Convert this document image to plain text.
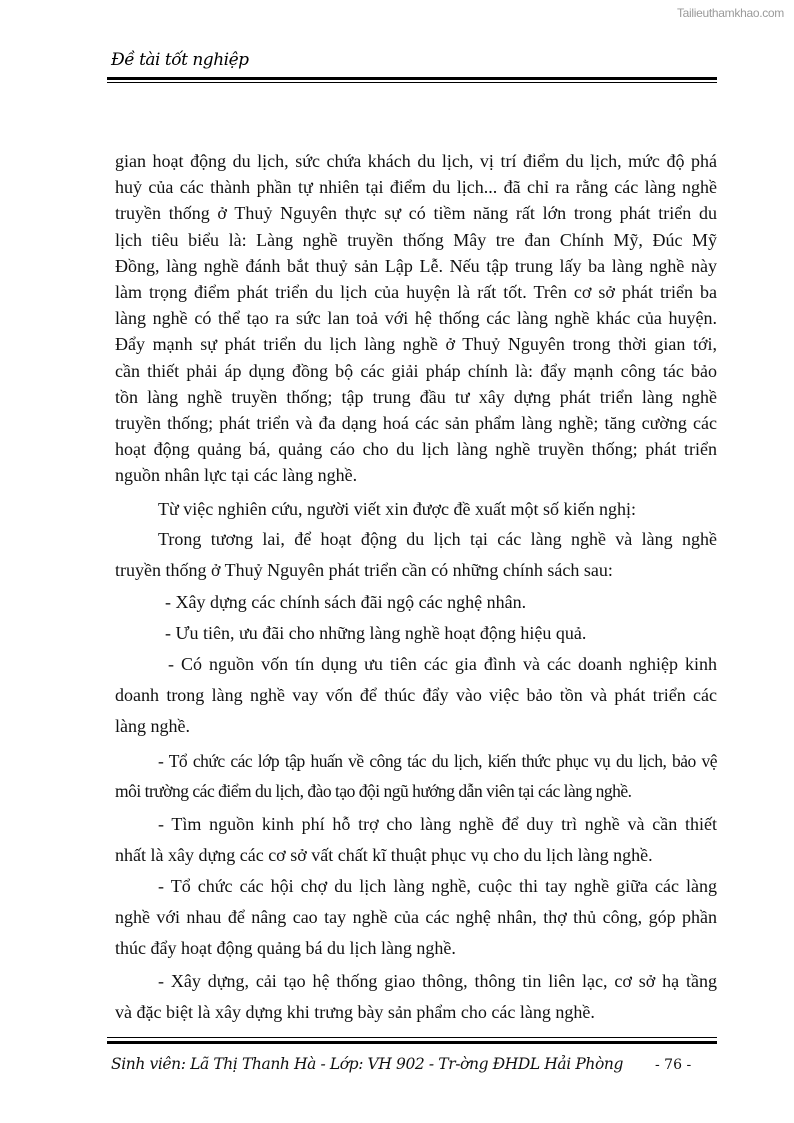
Tailieuthamkhao.com
Đề tài tốt nghiệp
gian hoạt động du lịch, sức chứa khách du lịch, vị trí điểm du lịch, mức độ phá
huỷ của các thành phần tự nhiên tại điểm du lịch... đã chỉ ra rằng các làng nghề
truyền thống ở Thuỷ Nguyên thực sự có tiềm năng rất lớn trong phát triển du
lịch tiêu biểu là: Làng nghề truyền thống Mây tre đan Chính Mỹ, Đúc Mỹ
Đồng, làng nghề đánh bắt thuỷ sản Lập Lễ. Nếu tập trung lấy ba làng nghề này
làm trọng điểm phát triển du lịch của huyện là rất tốt. Trên cơ sở phát triển ba
làng nghề có thể tạo ra sức lan toả với hệ thống các làng nghề khác của huyện.
Đẩy mạnh sự phát triển du lịch làng nghề ở Thuỷ Nguyên trong thời gian tới,
cần thiết phải áp dụng đồng bộ các giải pháp chính là: đẩy mạnh công tác bảo
tồn làng nghề truyền thống; tập trung đầu tư xây dựng phát triển làng nghề
truyền thống; phát triển và đa dạng hoá các sản phẩm làng nghề; tăng cường các
hoạt động quảng bá, quảng cáo cho du lịch làng nghề truyền thống; phát triển
nguồn nhân lực tại các làng nghề.
Từ việc nghiên cứu, người viết xin được đề xuất một số kiến nghị:
Trong tương lai, để hoạt động du lịch tại các làng nghề và làng nghề
truyền thống ở Thuỷ Nguyên phát triển cần có những chính sách sau:
- Xây dựng các chính sách đãi ngộ các nghệ nhân.
- Ưu tiên, ưu đãi cho những làng nghề hoạt động hiệu quả.
- Có nguồn vốn tín dụng ưu tiên các gia đình và các doanh nghiệp kinh
doanh trong làng nghề vay vốn để thúc đẩy vào việc bảo tồn và phát triển các
làng nghề.
- Tổ chức các lớp tập huấn về công tác du lịch, kiến thức phục vụ du lịch, bảo vệ
môi trường các điểm du lịch, đào tạo đội ngũ hướng dẫn viên tại các làng nghề.
- Tìm nguồn kinh phí hỗ trợ cho làng nghề để duy trì nghề và cần thiết
nhất là xây dựng các cơ sở vất chất kĩ thuật phục vụ cho du lịch làng nghề.
- Tổ chức các hội chợ du lịch làng nghề, cuộc thi tay nghề giữa các làng
nghề với nhau để nâng cao tay nghề của các nghệ nhân, thợ thủ công, góp phần
thúc đẩy hoạt động quảng bá du lịch làng nghề.
- Xây dựng, cải tạo hệ thống giao thông, thông tin liên lạc, cơ sở hạ tầng
và đặc biệt là xây dựng khi trưng bày sản phẩm cho các làng nghề.
Sinh viên: Lã Thị Thanh Hà - Lớp: VH 902 - Tr-ờng ĐHDL Hải Phòng - 76 -
